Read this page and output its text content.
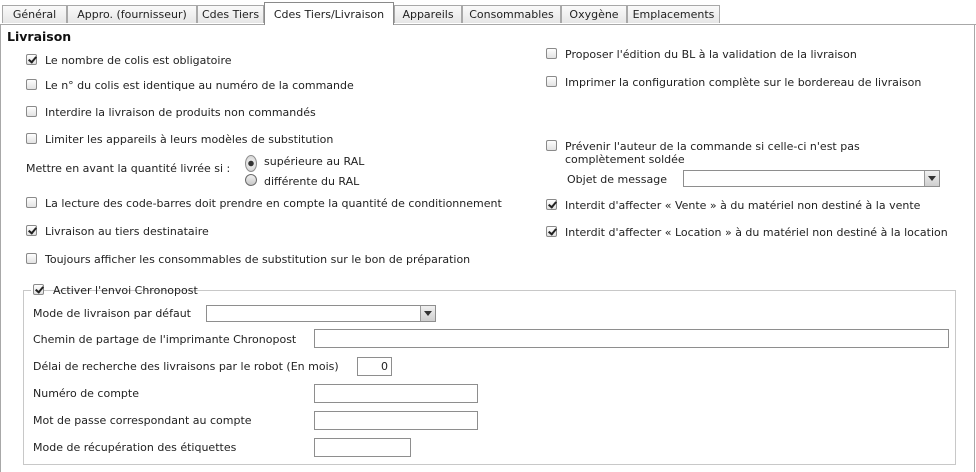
Général	Appro. (fournisseur)	Cdes Tiers	Cdes Tiers/Livraison	Appareils	Consommables	Oxygène	Emplacements
Livraison
Le nombre de colis est obligatoire
Le n° du colis est identique au numéro de la commande
Interdire la livraison de produits non commandés
Limiter les appareils à leurs modèles de substitution
Mettre en avant la quantité livrée si :
supérieure au RAL
différente du RAL
La lecture des code-barres doit prendre en compte la quantité de conditionnement
Livraison au tiers destinataire
Toujours afficher les consommables de substitution sur le bon de préparation
Proposer l'édition du BL à la validation de la livraison
Imprimer la configuration complète sur le bordereau de livraison
Prévenir l'auteur de la commande si celle-ci n'est pas
complètement soldée
Objet de message
Interdit d'affecter « Vente » à du matériel non destiné à la vente
Interdit d'affecter « Location » à du matériel non destiné à la location
Activer l'envoi Chronopost
Mode de livraison par défaut
Chemin de partage de l'imprimante Chronopost
Délai de recherche des livraisons par le robot (En mois)	0
Numéro de compte
Mot de passe correspondant au compte
Mode de récupération des étiquettes
